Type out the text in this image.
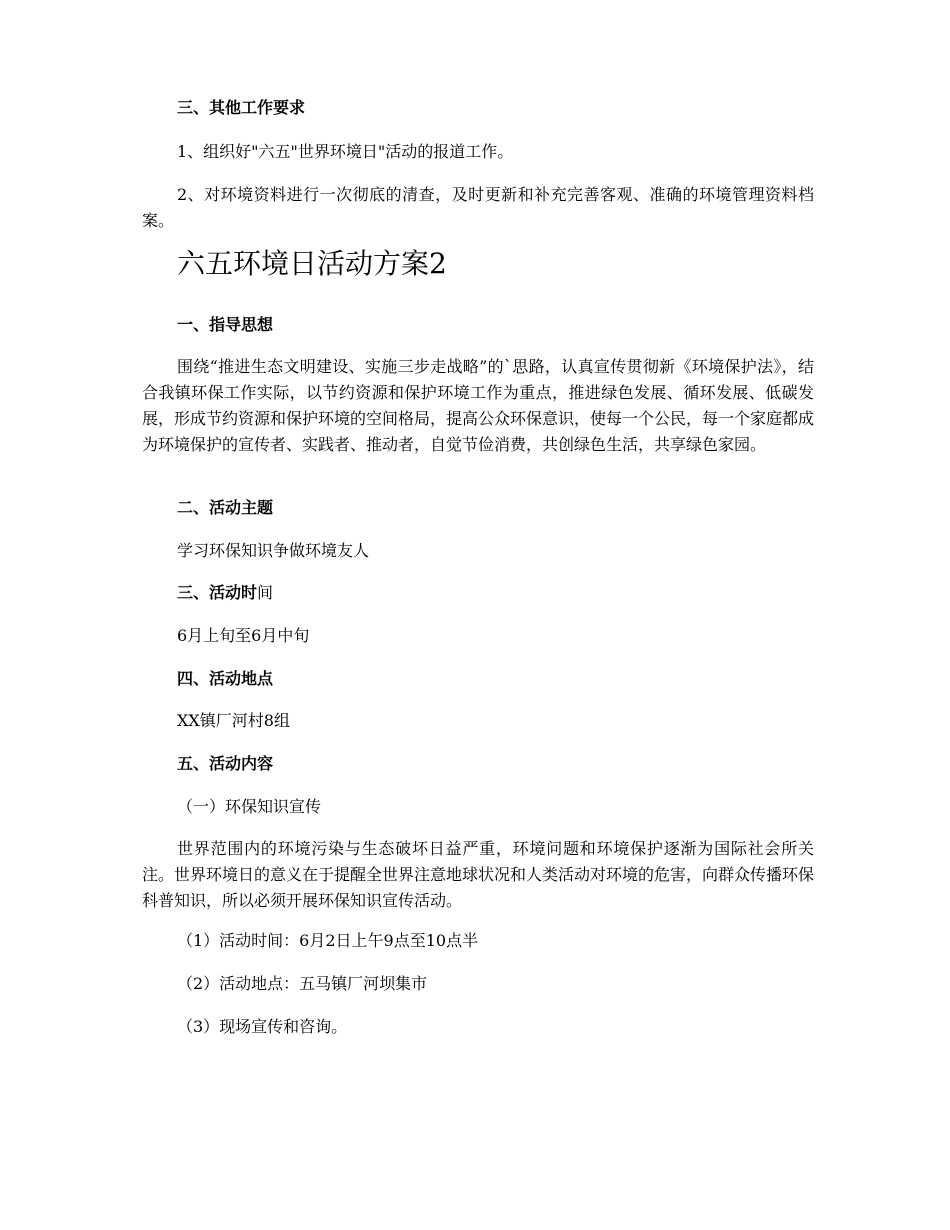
三、其他工作要求

1、组织好"六五"世界环境日"活动的报道工作。

2、对环境资料进行一次彻底的清查，及时更新和补充完善客观、准确的环境管理资料档案。

六五环境日活动方案2

一、指导思想

围绕“推进生态文明建设、实施三步走战略”的`思路，认真宣传贯彻新《环境保护法》，结合我镇环保工作实际，以节约资源和保护环境工作为重点，推进绿色发展、循环发展、低碳发展，形成节约资源和保护环境的空间格局，提高公众环保意识，使每一个公民，每一个家庭都成为环境保护的宣传者、实践者、推动者，自觉节俭消费，共创绿色生活，共享绿色家园。

二、活动主题

学习环保知识争做环境友人

三、活动时间

6月上旬至6月中旬

四、活动地点

XX镇厂河村8组

五、活动内容

（一）环保知识宣传

世界范围内的环境污染与生态破坏日益严重，环境问题和环境保护逐渐为国际社会所关注。世界环境日的意义在于提醒全世界注意地球状况和人类活动对环境的危害，向群众传播环保科普知识，所以必须开展环保知识宣传活动。

（1）活动时间：6月2日上午9点至10点半

（2）活动地点：五马镇厂河坝集市

（3）现场宣传和咨询。
